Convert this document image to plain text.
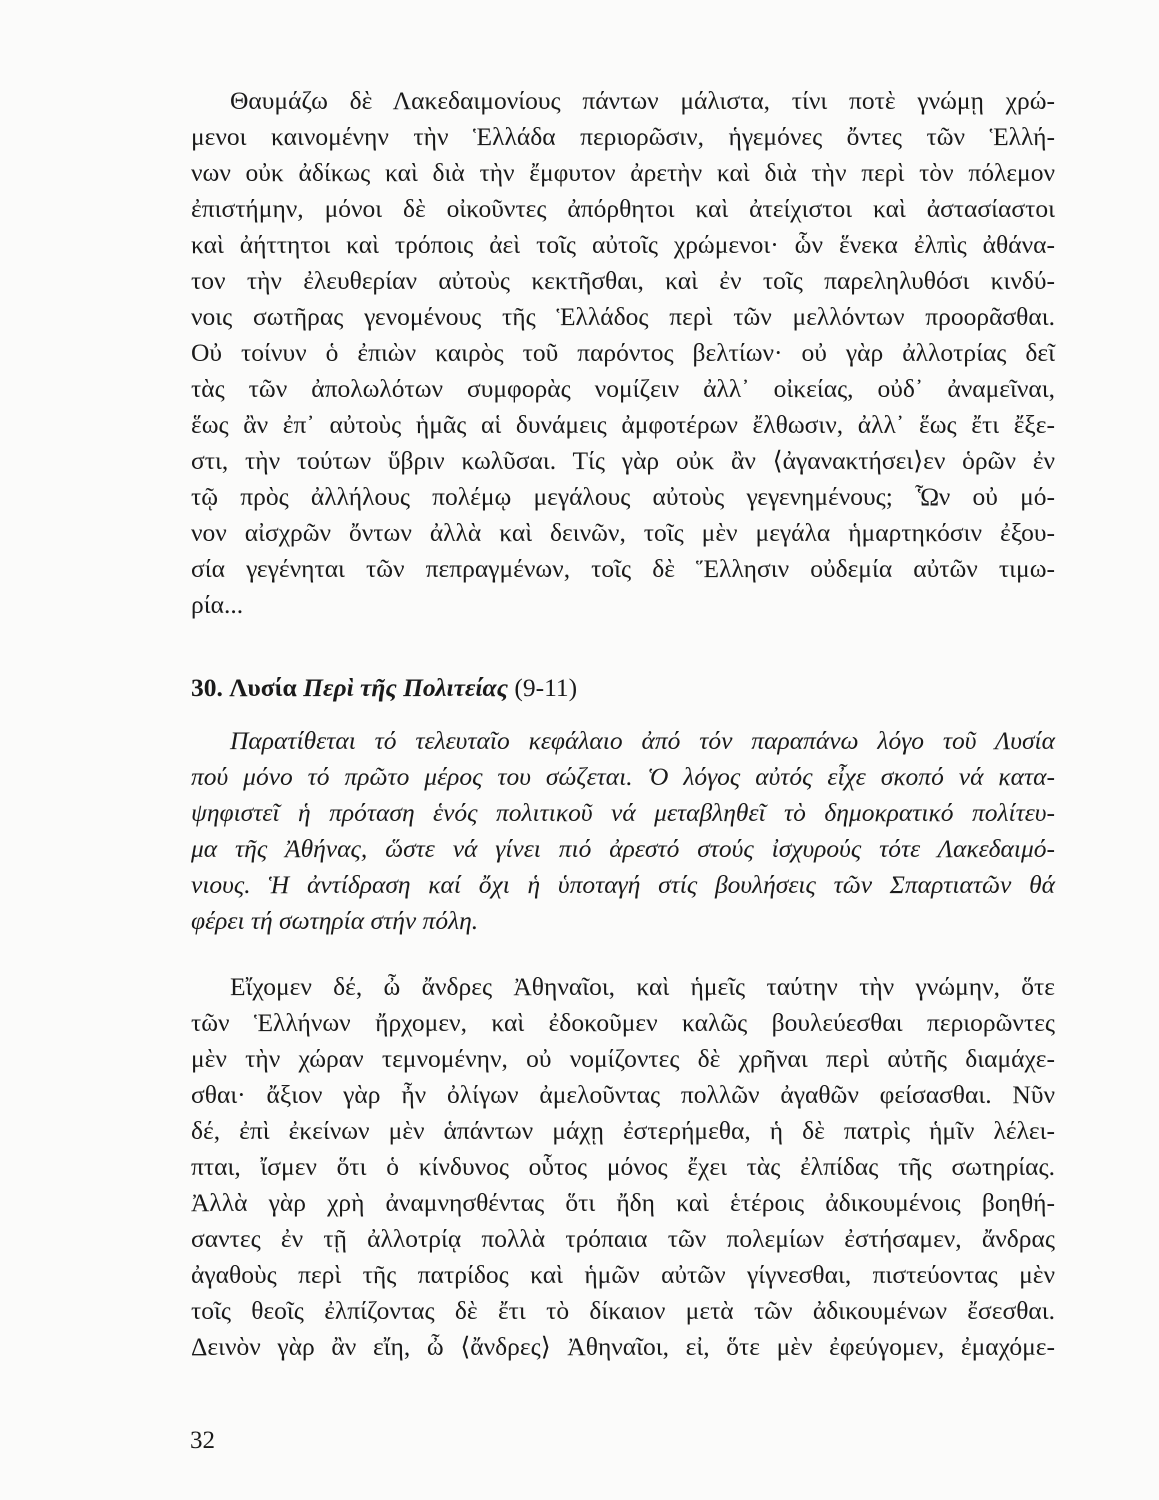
Θαυμάζω δὲ Λακεδαιμονίους πάντων μάλιστα, τίνι ποτὲ γνώμῃ χρώ-
μενοι καινομένην τὴν Ἑλλάδα περιορῶσιν, ἡγεμόνες ὄντες τῶν Ἑλλή-
νων οὐκ ἀδίκως καὶ διὰ τὴν ἔμφυτον ἀρετὴν καὶ διὰ τὴν περὶ τὸν πόλεμον
ἐπιστήμην, μόνοι δὲ οἰκοῦντες ἀπόρθητοι καὶ ἀτείχιστοι καὶ ἀστασίαστοι
καὶ ἀήττητοι καὶ τρόποις ἀεὶ τοῖς αὐτοῖς χρώμενοι· ὧν ἕνεκα ἐλπὶς ἀθάνα-
τον τὴν ἐλευθερίαν αὐτοὺς κεκτῆσθαι, καὶ ἐν τοῖς παρεληλυθόσι κινδύ-
νοις σωτῆρας γενομένους τῆς Ἑλλάδος περὶ τῶν μελλόντων προορᾶσθαι.
Οὐ τοίνυν ὁ ἐπιὼν καιρὸς τοῦ παρόντος βελτίων· οὐ γὰρ ἀλλοτρίας δεῖ
τὰς τῶν ἀπολωλότων συμφορὰς νομίζειν ἀλλ᾽ οἰκείας, οὐδ᾽ ἀναμεῖναι,
ἕως ἂν ἐπ᾽ αὐτοὺς ἡμᾶς αἱ δυνάμεις ἀμφοτέρων ἔλθωσιν, ἀλλ᾽ ἕως ἔτι ἔξε-
στι, τὴν τούτων ὕβριν κωλῦσαι. Τίς γὰρ οὐκ ἂν ⟨ἀγανακτήσει⟩εν ὁρῶν ἐν
τῷ πρὸς ἀλλήλους πολέμῳ μεγάλους αὐτοὺς γεγενημένους; Ὧν οὐ μό-
νον αἰσχρῶν ὄντων ἀλλὰ καὶ δεινῶν, τοῖς μὲν μεγάλα ἡμαρτηκόσιν ἐξου-
σία γεγένηται τῶν πεπραγμένων, τοῖς δὲ Ἕλλησιν οὐδεμία αὐτῶν τιμω-
ρία...
30. Λυσία Περὶ τῆς Πολιτείας (9-11)
Παρατίθεται τό τελευταῖο κεφάλαιο ἀπό τόν παραπάνω λόγο τοῦ Λυσία
πού μόνο τό πρῶτο μέρος του σώζεται. Ὁ λόγος αὐτός εἶχε σκοπό νά κατα-
ψηφιστεῖ ἡ πρόταση ἑνός πολιτικοῦ νά μεταβληθεῖ τὸ δημοκρατικό πολίτευ-
μα τῆς Ἀθήνας, ὥστε νά γίνει πιό ἀρεστό στούς ἰσχυρούς τότε Λακεδαιμό-
νιους. Ἡ ἀντίδραση καί ὄχι ἡ ὑποταγή στίς βουλήσεις τῶν Σπαρτιατῶν θά
φέρει τή σωτηρία στήν πόλη.
Εἴχομεν δέ, ὦ ἄνδρες Ἀθηναῖοι, καὶ ἡμεῖς ταύτην τὴν γνώμην, ὅτε
τῶν Ἑλλήνων ἤρχομεν, καὶ ἐδοκοῦμεν καλῶς βουλεύεσθαι περιορῶντες
μὲν τὴν χώραν τεμνομένην, οὐ νομίζοντες δὲ χρῆναι περὶ αὐτῆς διαμάχε-
σθαι· ἄξιον γὰρ ἦν ὀλίγων ἀμελοῦντας πολλῶν ἀγαθῶν φείσασθαι. Νῦν
δέ, ἐπὶ ἐκείνων μὲν ἁπάντων μάχῃ ἐστερήμεθα, ἡ δὲ πατρὶς ἡμῖν λέλει-
πται, ἴσμεν ὅτι ὁ κίνδυνος οὗτος μόνος ἔχει τὰς ἐλπίδας τῆς σωτηρίας.
Ἀλλὰ γὰρ χρὴ ἀναμνησθέντας ὅτι ἤδη καὶ ἑτέροις ἀδικουμένοις βοηθή-
σαντες ἐν τῇ ἀλλοτρίᾳ πολλὰ τρόπαια τῶν πολεμίων ἐστήσαμεν, ἄνδρας
ἀγαθοὺς περὶ τῆς πατρίδος καὶ ἡμῶν αὐτῶν γίγνεσθαι, πιστεύοντας μὲν
τοῖς θεοῖς ἐλπίζοντας δὲ ἔτι τὸ δίκαιον μετὰ τῶν ἀδικουμένων ἔσεσθαι.
Δεινὸν γὰρ ἂν εἴη, ὦ ⟨ἄνδρες⟩ Ἀθηναῖοι, εἰ, ὅτε μὲν ἐφεύγομεν, ἐμαχόμε-
32
